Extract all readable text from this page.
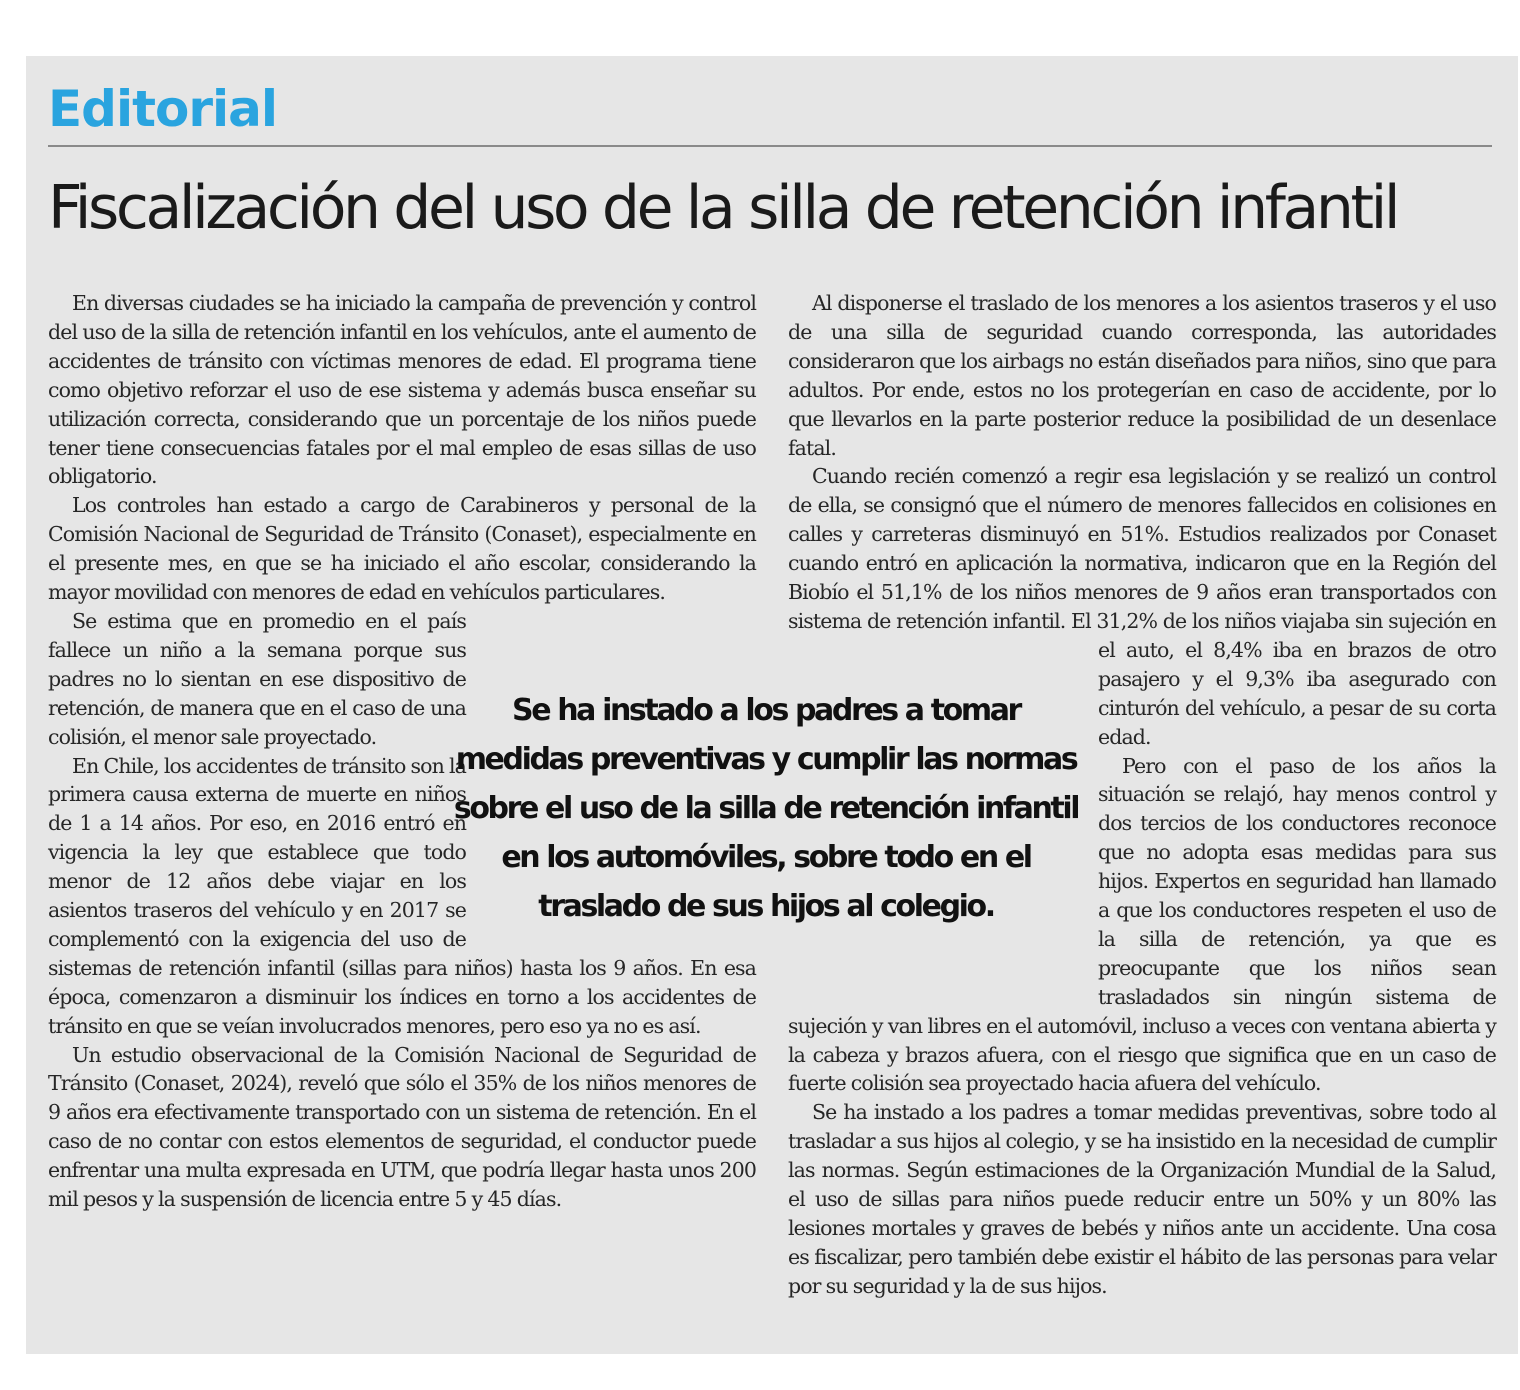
Editorial
Fiscalización del uso de la silla de retención infantil

En diversas ciudades se ha iniciado la campaña de prevención y control del uso de la silla de retención infantil en los vehículos, ante el aumento de accidentes de tránsito con víctimas menores de edad. El programa tiene como objetivo reforzar el uso de ese sistema y además busca enseñar su utilización correcta, considerando que un porcentaje de los niños puede tener tiene consecuencias fatales por el mal empleo de esas sillas de uso obligatorio.

Los controles han estado a cargo de Carabineros y personal de la Comisión Nacional de Seguridad de Tránsito (Conaset), especialmente en el presente mes, en que se ha iniciado el año escolar, considerando la mayor movilidad con menores de edad en vehículos particulares.

Se estima que en promedio en el país fallece un niño a la semana porque sus padres no lo sientan en ese dispositivo de retención, de manera que en el caso de una colisión, el menor sale proyectado.

En Chile, los accidentes de tránsito son la primera causa externa de muerte en niños de 1 a 14 años. Por eso, en 2016 entró en vigencia la ley que establece que todo menor de 12 años debe viajar en los asientos traseros del vehículo y en 2017 se complementó con la exigencia del uso de sistemas de retención infantil (sillas para niños) hasta los 9 años. En esa época, comenzaron a disminuir los índices en torno a los accidentes de tránsito en que se veían involucrados menores, pero eso ya no es así.

Un estudio observacional de la Comisión Nacional de Seguridad de Tránsito (Conaset, 2024), reveló que sólo el 35% de los niños menores de 9 años era efectivamente transportado con un sistema de retención. En el caso de no contar con estos elementos de seguridad, el conductor puede enfrentar una multa expresada en UTM, que podría llegar hasta unos 200 mil pesos y la suspensión de licencia entre 5 y 45 días.

Al disponerse el traslado de los menores a los asientos traseros y el uso de una silla de seguridad cuando corresponda, las autoridades consideraron que los airbags no están diseñados para niños, sino que para adultos. Por ende, estos no los protegerían en caso de accidente, por lo que llevarlos en la parte posterior reduce la posibilidad de un desenlace fatal.

Cuando recién comenzó a regir esa legislación y se realizó un control de ella, se consignó que el número de menores fallecidos en colisiones en calles y carreteras disminuyó en 51%. Estudios realizados por Conaset cuando entró en aplicación la normativa, indicaron que en la Región del Biobío el 51,1% de los niños menores de 9 años eran transportados con sistema de retención infantil. El 31,2% de los niños viajaba sin sujeción en el auto, el 8,4% iba en brazos de otro pasajero y el 9,3% iba asegurado con cinturón del vehículo, a pesar de su corta edad.

Pero con el paso de los años la situación se relajó, hay menos control y dos tercios de los conductores reconoce que no adopta esas medidas para sus hijos. Expertos en seguridad han llamado a que los conductores respeten el uso de la silla de retención, ya que es preocupante que los niños sean trasladados sin ningún sistema de sujeción y van libres en el automóvil, incluso a veces con ventana abierta y la cabeza y brazos afuera, con el riesgo que significa que en un caso de fuerte colisión sea proyectado hacia afuera del vehículo.

Se ha instado a los padres a tomar medidas preventivas, sobre todo al trasladar a sus hijos al colegio, y se ha insistido en la necesidad de cumplir las normas. Según estimaciones de la Organización Mundial de la Salud, el uso de sillas para niños puede reducir entre un 50% y un 80% las lesiones mortales y graves de bebés y niños ante un accidente. Una cosa es fiscalizar, pero también debe existir el hábito de las personas para velar por su seguridad y la de sus hijos.

Se ha instado a los padres a tomar medidas preventivas y cumplir las normas sobre el uso de la silla de retención infantil en los automóviles, sobre todo en el traslado de sus hijos al colegio.
